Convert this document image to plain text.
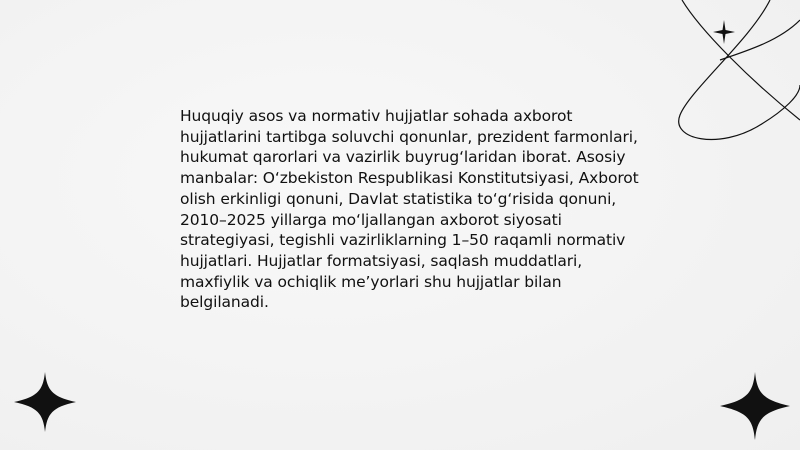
Huquqiy asos va normativ hujjatlar sohada axborot hujjatlarini tartibga soluvchi qonunlar, prezident farmonlari, hukumat qarorlari va vazirlik buyrug‘laridan iborat. Asosiy manbalar: O‘zbekiston Respublikasi Konstitutsiyasi, Axborot olish erkinligi qonuni, Davlat statistika to‘g‘risida qonuni, 2010–2025 yillarga mo‘ljallangan axborot siyosati strategiyasi, tegishli vazirliklarning 1–50 raqamli normativ hujjatlari. Hujjatlar formatsiyasi, saqlash muddatlari, maxfiylik va ochiqlik me’yorlari shu hujjatlar bilan belgilanadi.
